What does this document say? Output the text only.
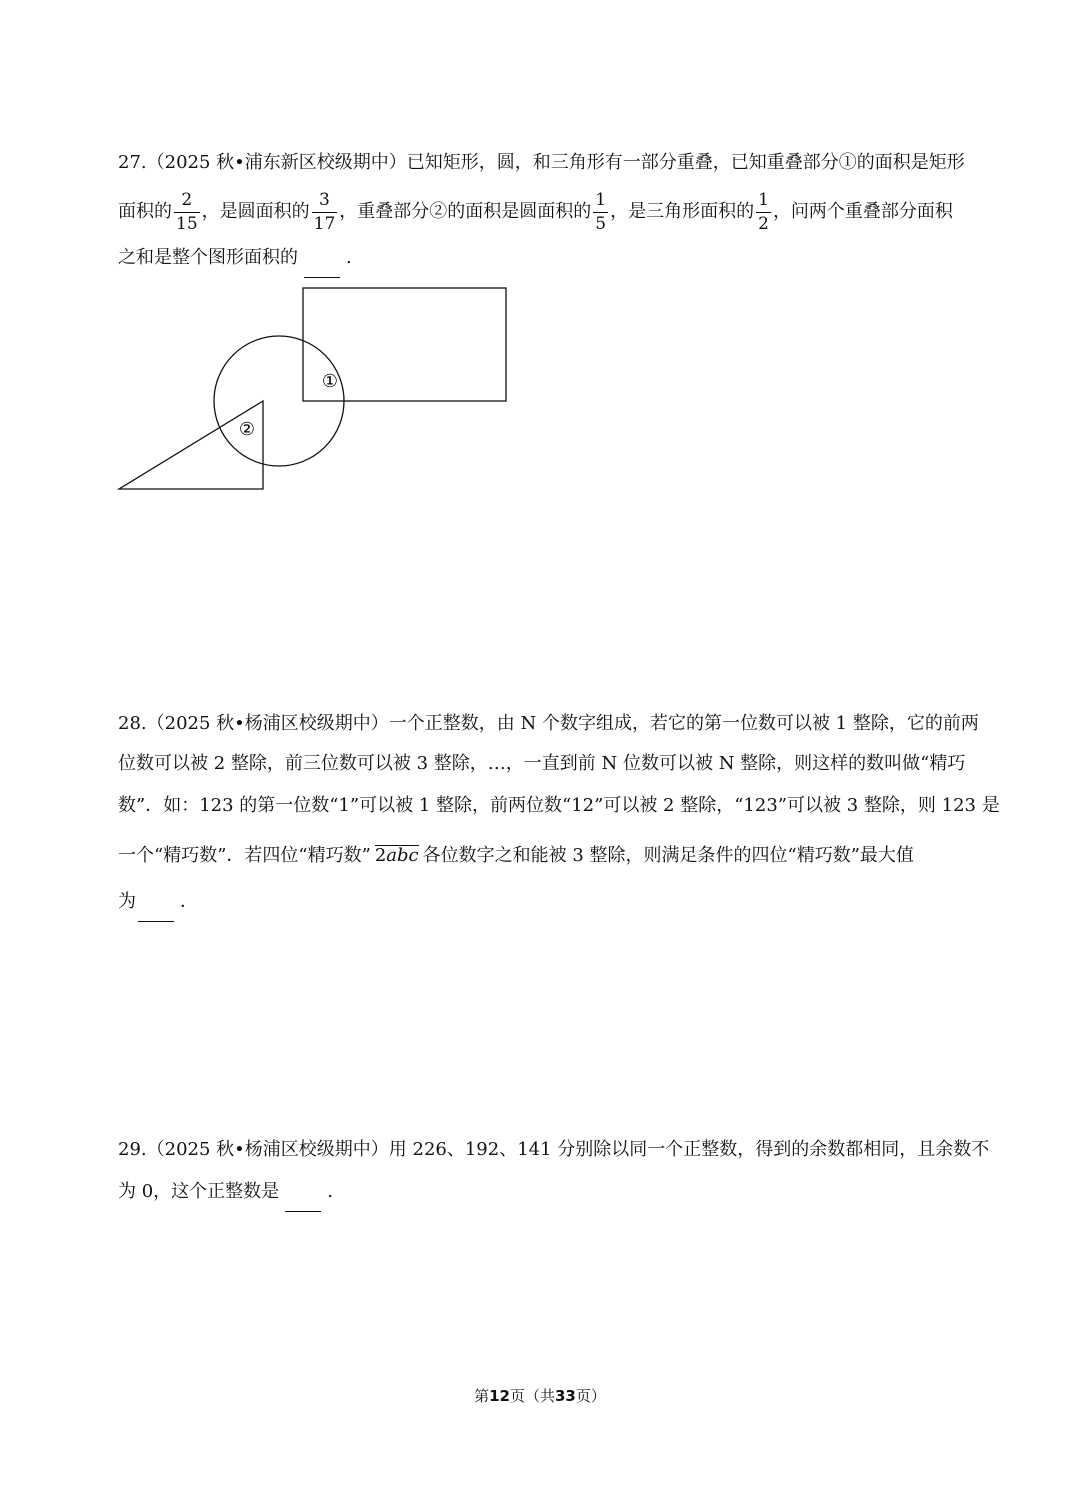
27.（2025 秋•浦东新区校级期中）已知矩形，圆，和三角形有一部分重叠，已知重叠部分①的面积是矩形
面积的 $\frac{2}{15}$ ，是圆面积的 $\frac{3}{17}$ ，重叠部分②的面积是圆面积的 $\frac{1}{5}$ ，是三角形面积的 $\frac{1}{2}$ ，问两个重叠部分面积
之和是整个图形面积的	.
①
②
28.（2025 秋•杨浦区校级期中）一个正整数，由 N 个数字组成，若它的第一位数可以被 1 整除，它的前两
位数可以被 2 整除，前三位数可以被 3 整除，…，一直到前 N 位数可以被 N 整除，则这样的数叫做“精巧
数”．如：123 的第一位数“1”可以被 1 整除，前两位数“12”可以被 2 整除，“123”可以被 3 整除，则 123 是
一个“精巧数”．若四位“精巧数” 2abc 各位数字之和能被 3 整除，则满足条件的四位“精巧数”最大值
为 ．
29.（2025 秋•杨浦区校级期中）用 226、192、141 分别除以同一个正整数，得到的余数都相同，且余数不
为 0，这个正整数是	.
第12页（共33页）
